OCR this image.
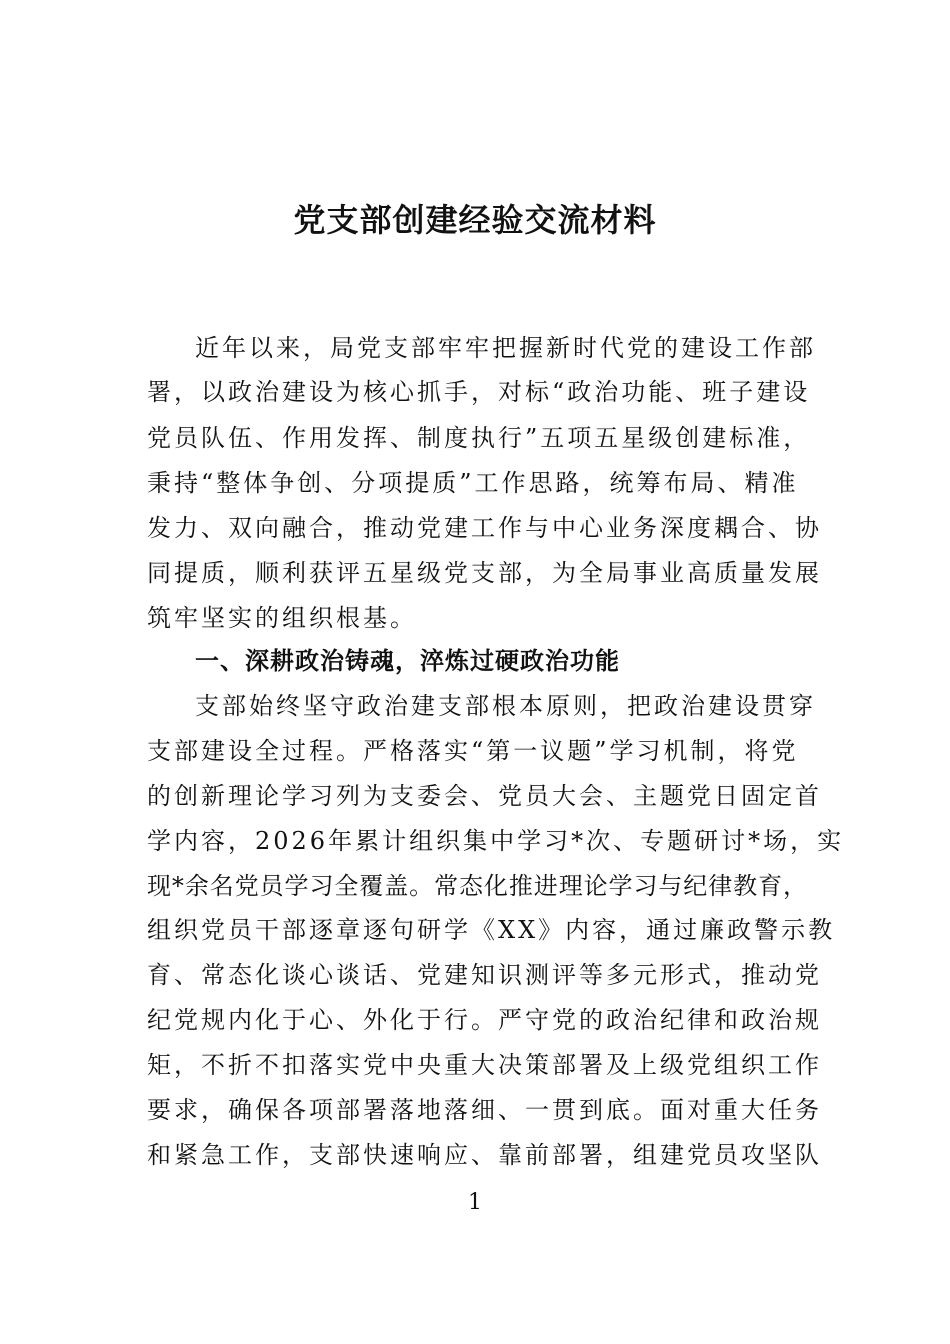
党支部创建经验交流材料
近年以来，局党支部牢牢把握新时代党的建设工作部
署，以政治建设为核心抓手，对标“政治功能、班子建设
党员队伍、作用发挥、制度执行”五项五星级创建标准，
秉持“整体争创、分项提质”工作思路，统筹布局、精准
发力、双向融合，推动党建工作与中心业务深度耦合、协
同提质，顺利获评五星级党支部，为全局事业高质量发展
筑牢坚实的组织根基。
一、深耕政治铸魂，淬炼过硬政治功能
支部始终坚守政治建支部根本原则，把政治建设贯穿
支部建设全过程。严格落实“第一议题”学习机制，将党
的创新理论学习列为支委会、党员大会、主题党日固定首
学内容，2026年累计组织集中学习*次、专题研讨*场，实
现*余名党员学习全覆盖。常态化推进理论学习与纪律教育，
组织党员干部逐章逐句研学《XX》内容，通过廉政警示教
育、常态化谈心谈话、党建知识测评等多元形式，推动党
纪党规内化于心、外化于行。严守党的政治纪律和政治规
矩，不折不扣落实党中央重大决策部署及上级党组织工作
要求，确保各项部署落地落细、一贯到底。面对重大任务
和紧急工作，支部快速响应、靠前部署，组建党员攻坚队
1
